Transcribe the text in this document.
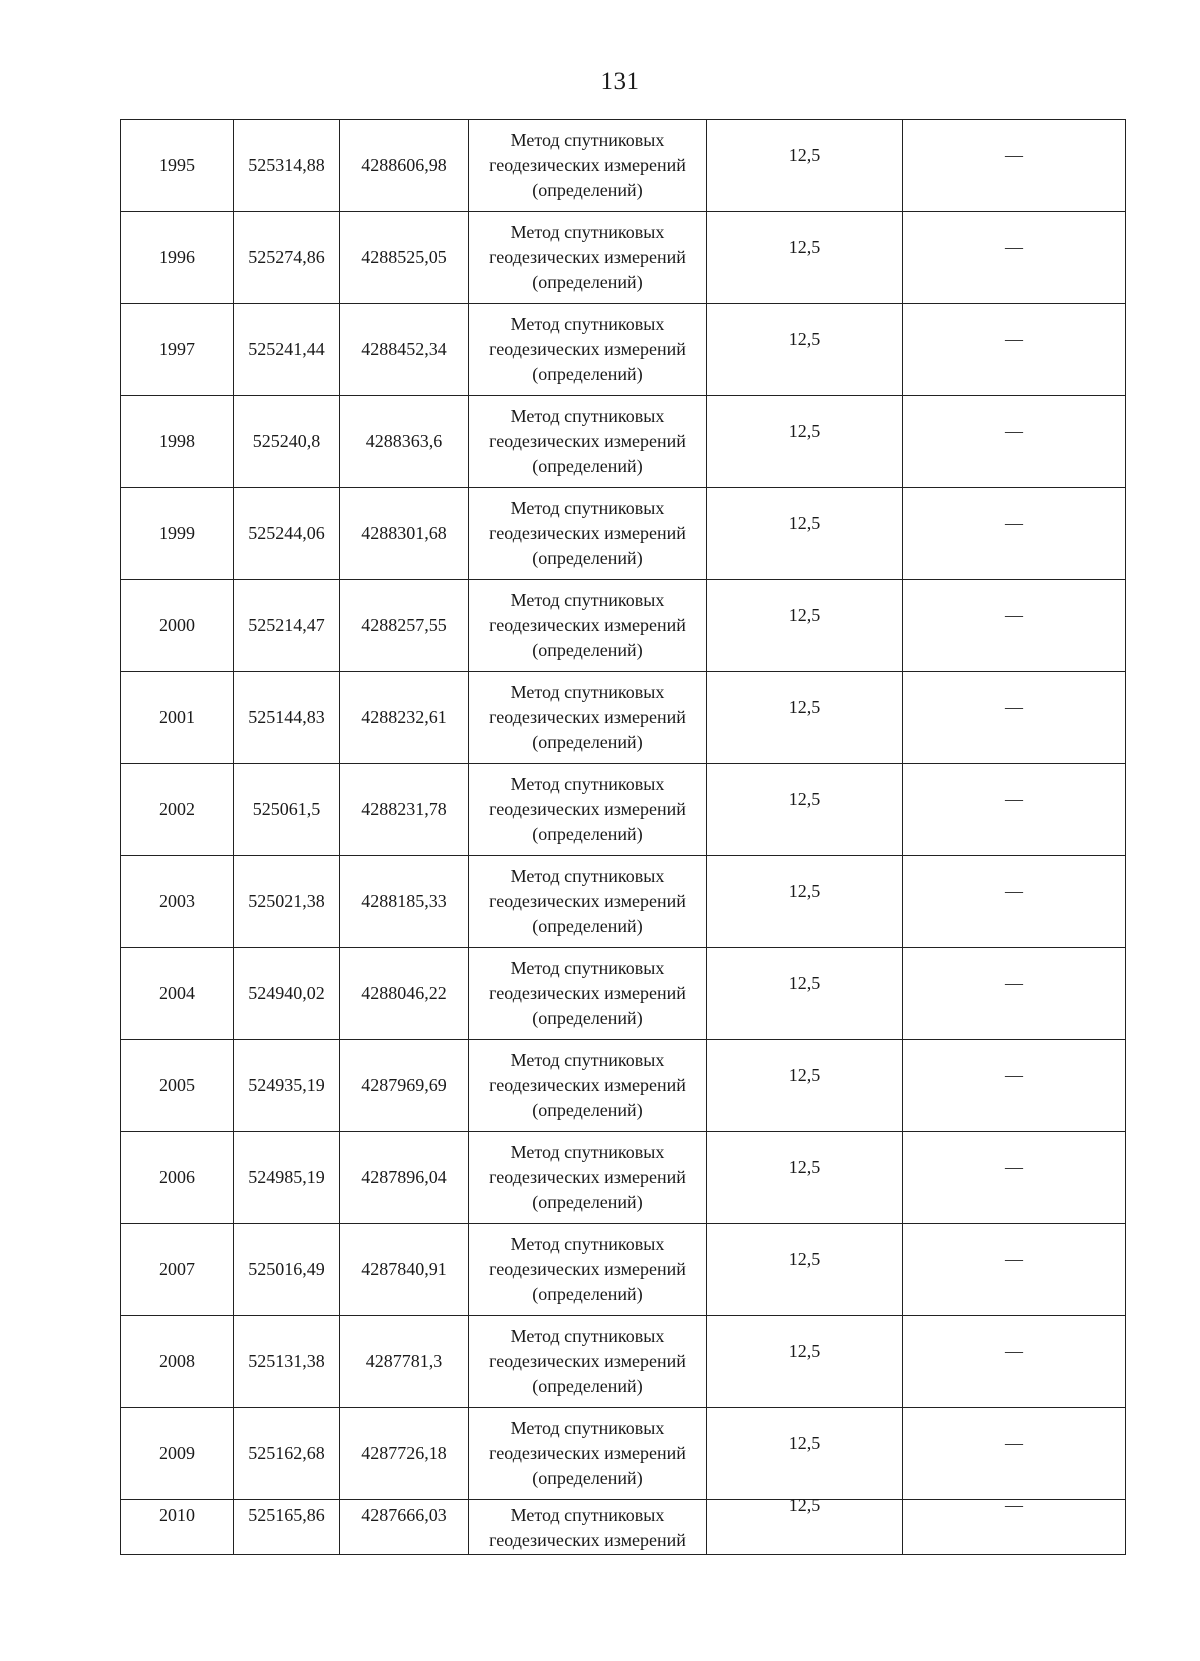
131
1995	525314,88	4288606,98	Метод спутниковых
геодезических измерений
(определений)	12,5	—
1996	525274,86	4288525,05	Метод спутниковых
геодезических измерений
(определений)	12,5	—
1997	525241,44	4288452,34	Метод спутниковых
геодезических измерений
(определений)	12,5	—
1998	525240,8	4288363,6	Метод спутниковых
геодезических измерений
(определений)	12,5	—
1999	525244,06	4288301,68	Метод спутниковых
геодезических измерений
(определений)	12,5	—
2000	525214,47	4288257,55	Метод спутниковых
геодезических измерений
(определений)	12,5	—
2001	525144,83	4288232,61	Метод спутниковых
геодезических измерений
(определений)	12,5	—
2002	525061,5	4288231,78	Метод спутниковых
геодезических измерений
(определений)	12,5	—
2003	525021,38	4288185,33	Метод спутниковых
геодезических измерений
(определений)	12,5	—
2004	524940,02	4288046,22	Метод спутниковых
геодезических измерений
(определений)	12,5	—
2005	524935,19	4287969,69	Метод спутниковых
геодезических измерений
(определений)	12,5	—
2006	524985,19	4287896,04	Метод спутниковых
геодезических измерений
(определений)	12,5	—
2007	525016,49	4287840,91	Метод спутниковых
геодезических измерений
(определений)	12,5	—
2008	525131,38	4287781,3	Метод спутниковых
геодезических измерений
(определений)	12,5	—
2009	525162,68	4287726,18	Метод спутниковых
геодезических измерений
(определений)	12,5	—
2010	525165,86	4287666,03	Метод спутниковых
геодезических измерений	12,5	—
